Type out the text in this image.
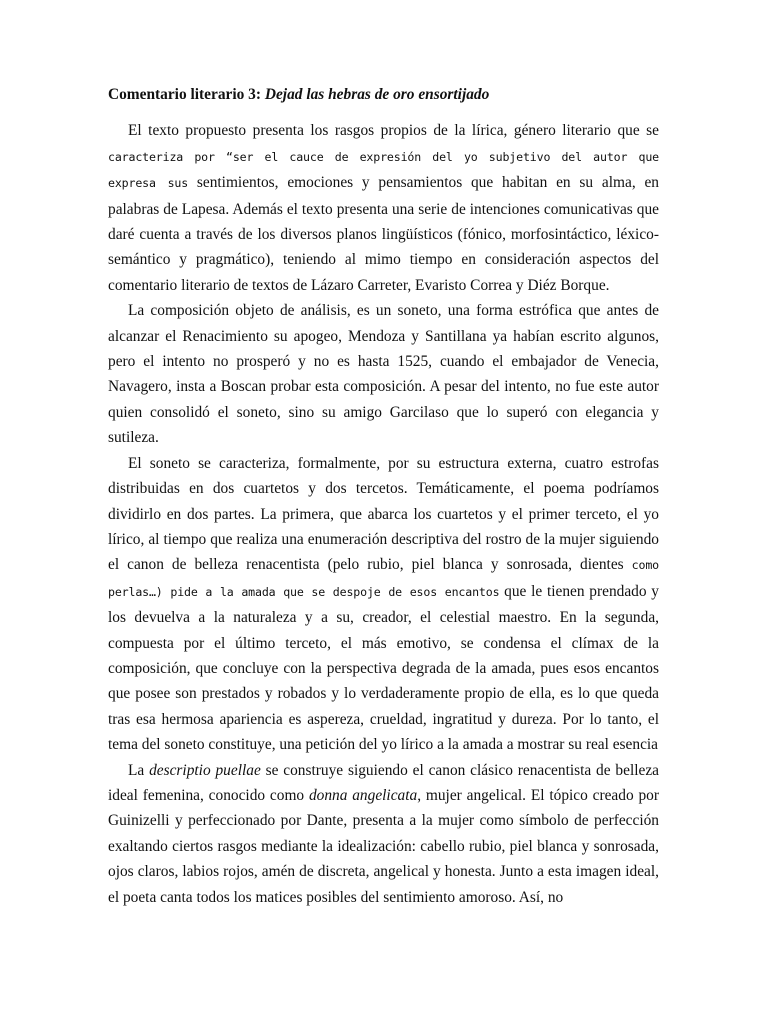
Comentario literario 3: Dejad las hebras de oro ensortijado

El texto propuesto presenta los rasgos propios de la lírica, género literario que se caracteriza por “ser el cauce de expresión del yo subjetivo del autor que expresa sus sentimientos, emociones y pensamientos que habitan en su alma, en palabras de Lapesa. Además el texto presenta una serie de intenciones comunicativas que daré cuenta a través de los diversos planos lingüísticos (fónico, morfosintáctico, léxico-semántico y pragmático), teniendo al mimo tiempo en consideración aspectos del comentario literario de textos de Lázaro Carreter, Evaristo Correa y Diéz Borque.

La composición objeto de análisis, es un soneto, una forma estrófica que antes de alcanzar el Renacimiento su apogeo, Mendoza y Santillana ya habían escrito algunos, pero el intento no prosperó y no es hasta 1525, cuando el embajador de Venecia, Navagero, insta a Boscan probar esta composición. A pesar del intento, no fue este autor quien consolidó el soneto, sino su amigo Garcilaso que lo superó con elegancia y sutileza.

El soneto se caracteriza, formalmente, por su estructura externa, cuatro estrofas distribuidas en dos cuartetos y dos tercetos. Temáticamente, el poema podríamos dividirlo en dos partes. La primera, que abarca los cuartetos y el primer terceto, el yo lírico, al tiempo que realiza una enumeración descriptiva del rostro de la mujer siguiendo el canon de belleza renacentista (pelo rubio, piel blanca y sonrosada, dientes como perlas…) pide a la amada que se despoje de esos encantos que le tienen prendado y los devuelva a la naturaleza y a su, creador, el celestial maestro. En la segunda, compuesta por el último terceto, el más emotivo, se condensa el clímax de la composición, que concluye con la perspectiva degrada de la amada, pues esos encantos que posee son prestados y robados y lo verdaderamente propio de ella, es lo que queda tras esa hermosa apariencia es aspereza, crueldad, ingratitud y dureza. Por lo tanto, el tema del soneto constituye, una petición del yo lírico a la amada a mostrar su real esencia

La descriptio puellae se construye siguiendo el canon clásico renacentista de belleza ideal femenina, conocido como donna angelicata, mujer angelical. El tópico creado por Guinizelli y perfeccionado por Dante, presenta a la mujer como símbolo de perfección exaltando ciertos rasgos mediante la idealización: cabello rubio, piel blanca y sonrosada, ojos claros, labios rojos, amén de discreta, angelical y honesta. Junto a esta imagen ideal, el poeta canta todos los matices posibles del sentimiento amoroso. Así, no
